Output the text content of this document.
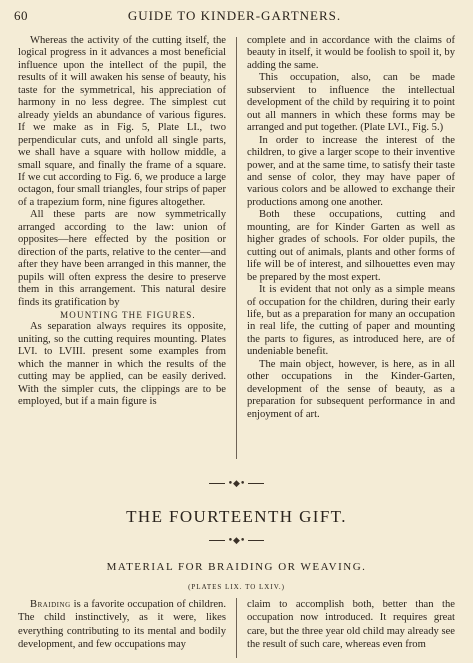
60	GUIDE TO KINDER-GARTNERS.

Whereas the activity of the cutting itself, the logical progress in it advances a most beneficial influence upon the intellect of the pupil, the results of it will awaken his sense of beauty, his taste for the symmetrical, his appreciation of harmony in no less degree. The simplest cut already yields an abundance of various figures. If we make as in Fig. 5, Plate LI., two perpendicular cuts, and unfold all single parts, we shall have a square with hollow middle, a small square, and finally the frame of a square. If we cut according to Fig. 6, we produce a large octagon, four small triangles, four strips of paper of a trapezium form, nine figures altogether.

All these parts are now symmetrically arranged according to the law: union of opposites—here effected by the position or direction of the parts, relative to the center—and after they have been arranged in this manner, the pupils will often express the desire to preserve them in this arrangement. This natural desire finds its gratification by

MOUNTING THE FIGURES.

As separation always requires its opposite, uniting, so the cutting requires mounting. Plates LVI. to LVIII. present some examples from which the manner in which the results of the cutting may be applied, can be easily derived. With the simpler cuts, the clippings are to be employed, but if a main figure is

complete and in accordance with the claims of beauty in itself, it would be foolish to spoil it, by adding the same.

This occupation, also, can be made subservient to influence the intellectual development of the child by requiring it to point out all manners in which these forms may be arranged and put together. (Plate LVI., Fig. 5.)

In order to increase the interest of the children, to give a larger scope to their inventive power, and at the same time, to satisfy their taste and sense of color, they may have paper of various colors and be allowed to exchange their productions among one another.

Both these occupations, cutting and mounting, are for Kinder Garten as well as higher grades of schools. For older pupils, the cutting out of animals, plants and other forms of life will be of interest, and silhouettes even may be prepared by the most expert.

It is evident that not only as a simple means of occupation for the children, during their early life, but as a preparation for many an occupation in real life, the cutting of paper and mounting the parts to figures, as introduced here, are of undeniable benefit.

The main object, however, is here, as in all other occupations in the Kinder-Garten, development of the sense of beauty, as a preparation for subsequent performance in and enjoyment of art.

•◆•
THE FOURTEENTH GIFT.
•◆•
MATERIAL FOR BRAIDING OR WEAVING.
(PLATES LIX. TO LXIV.)

Braiding is a favorite occupation of children. The child instinctively, as it were, likes everything contributing to its mental and bodily development, and few occupations may

claim to accomplish both, better than the occupation now introduced. It requires great care, but the three year old child may already see the result of such care, whereas even from
